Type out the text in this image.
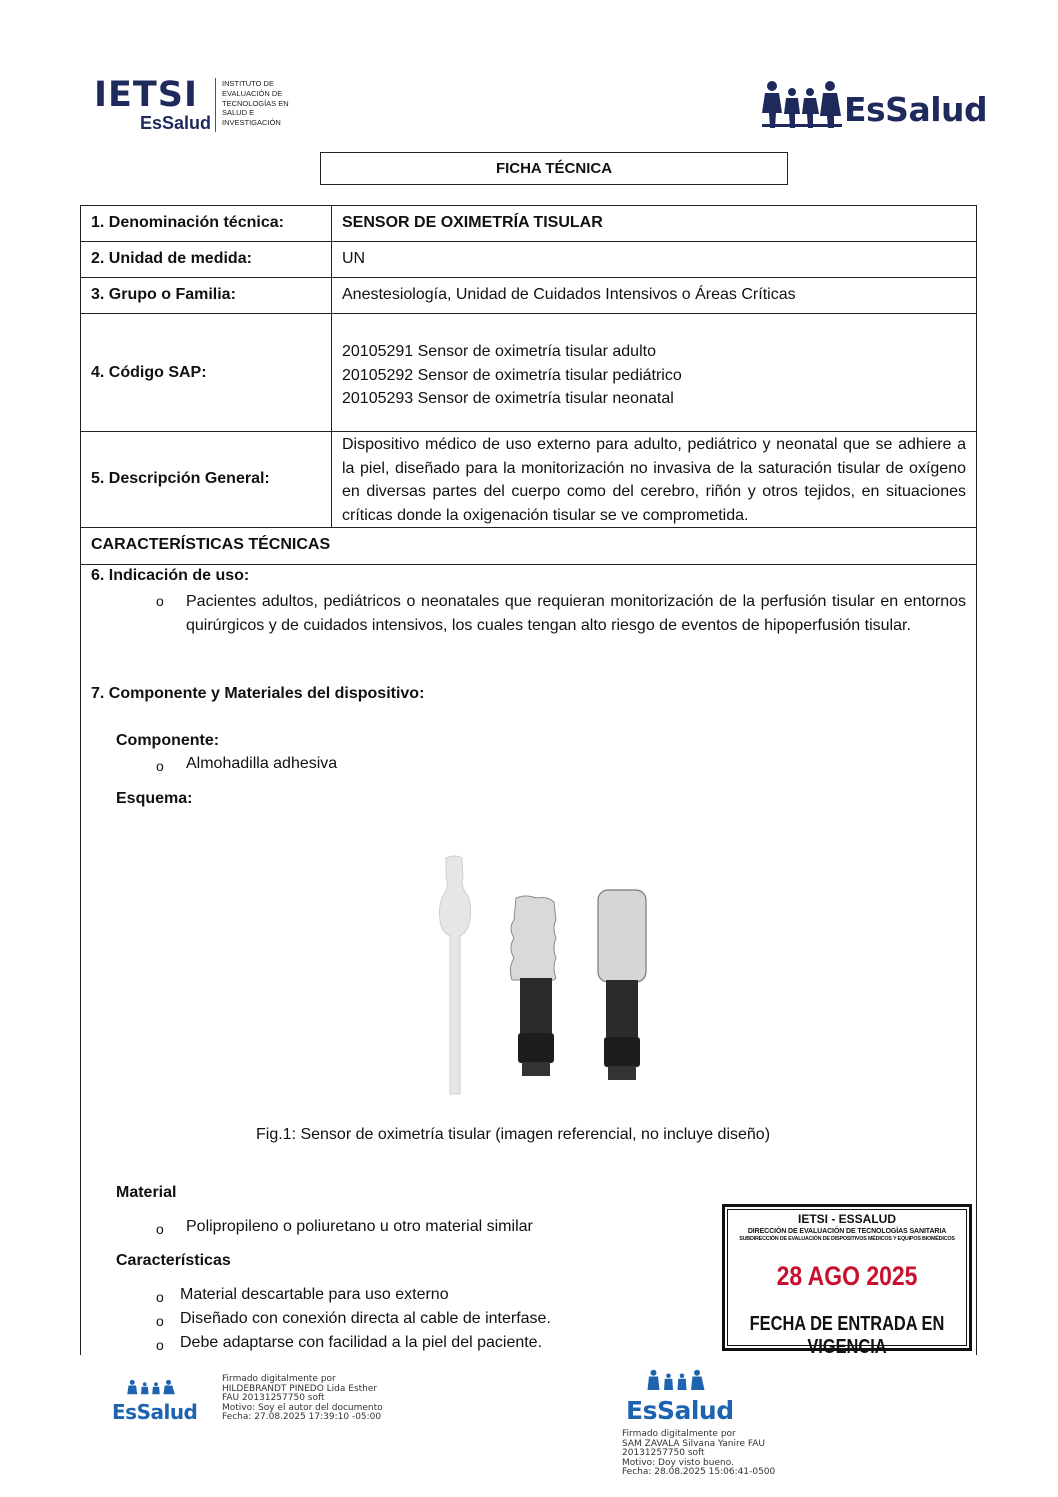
IETSI
EsSalud
INSTITUTO DE
EVALUACIÓN DE
TECNOLOGÍAS EN
SALUD E
INVESTIGACIÓN	EsSalud
FICHA TÉCNICA
1. Denominación técnica:	SENSOR DE OXIMETRÍA TISULAR
2. Unidad de medida:	UN
3. Grupo o Familia:	Anestesiología, Unidad de Cuidados Intensivos o Áreas Críticas
4. Código SAP:
20105291 Sensor de oximetría tisular adulto
20105292 Sensor de oximetría tisular pediátrico
20105293 Sensor de oximetría tisular neonatal
5. Descripción General:
Dispositivo médico de uso externo para adulto, pediátrico y neonatal que se adhiere a la piel, diseñado para la monitorización no invasiva de la saturación tisular de oxígeno en diversas partes del cuerpo como del cerebro, riñón y otros tejidos, en situaciones críticas donde la oxigenación tisular se ve comprometida.
CARACTERÍSTICAS TÉCNICAS
6. Indicación de uso:
o Pacientes adultos, pediátricos o neonatales que requieran monitorización de la perfusión tisular en entornos quirúrgicos y de cuidados intensivos, los cuales tengan alto riesgo de eventos de hipoperfusión tisular.
7. Componente y Materiales del dispositivo:
Componente:
o Almohadilla adhesiva
Esquema:
Fig.1: Sensor de oximetría tisular (imagen referencial, no incluye diseño)
Material
o Polipropileno o poliuretano u otro material similar
Características
o Material descartable para uso externo
o Diseñado con conexión directa al cable de interfase.
o Debe adaptarse con facilidad a la piel del paciente.
IETSI - ESSALUD
DIRECCIÓN DE EVALUACIÓN DE TECNOLOGÍAS SANITARIA
SUBDIRECCIÓN DE EVALUACIÓN DE DISPOSITIVOS MÉDICOS Y EQUIPOS BIOMÉDICOS
28 AGO 2025
FECHA DE ENTRADA EN VIGENCIA
EsSalud
Firmado digitalmente por
HILDEBRANDT PINEDO Lida Esther
FAU 20131257750 soft
Motivo: Soy el autor del documento
Fecha: 27.08.2025 17:39:10 -05:00	EsSalud
Firmado digitalmente por
SAM ZAVALA Silvana Yanire FAU
20131257750 soft
Motivo: Doy visto bueno.
Fecha: 28.08.2025 15:06:41-0500
